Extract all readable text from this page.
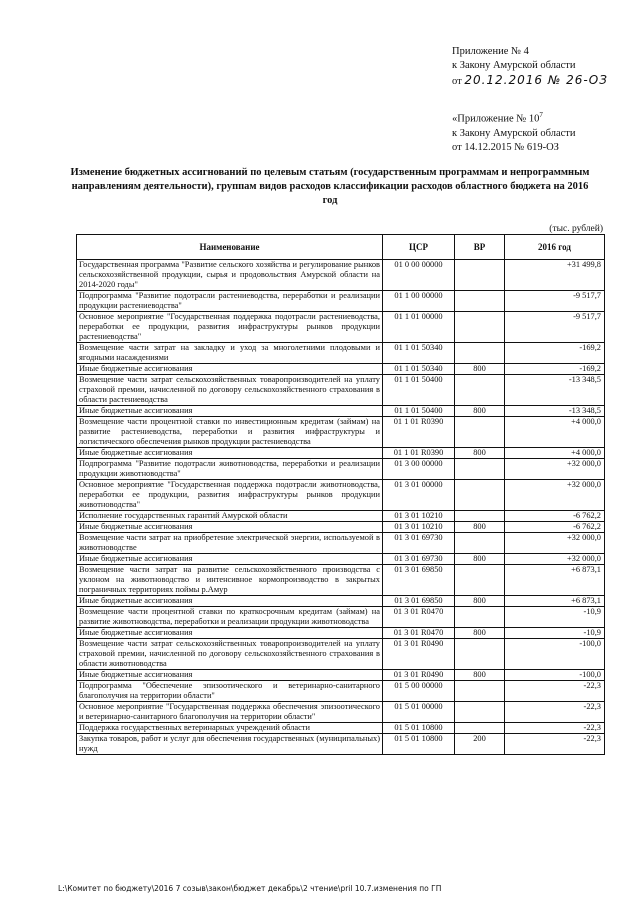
Приложение № 4
к Закону Амурской области
от 20.12.2016 № 26-ОЗ
«Приложение № $10^7$
к Закону Амурской области
от 14.12.2015 № 619-ОЗ
Изменение бюджетных ассигнований по целевым статьям (государственным программам и непрограммным направлениям деятельности), группам видов расходов классификации расходов областного бюджета на 2016 год
(тыс. рублей)
Наименование	ЦСР	ВР	2016 год
Государственная программа "Развитие сельского хозяйства и регулирование рынков сельскохозяйственной продукции, сырья и продовольствия Амурской области на 2014-2020 годы"	01 0 00 00000		+31 499,8
Подпрограмма "Развитие подотрасли растениеводства, переработки и реализации продукции растениеводства"	01 1 00 00000		-9 517,7
Основное мероприятие "Государственная поддержка подотрасли растениеводства, переработки ее продукции, развития инфраструктуры рынков продукции растениеводства"	01 1 01 00000		-9 517,7
Возмещение части затрат на закладку и уход за многолетними плодовыми и ягодными насаждениями	01 1 01 50340		-169,2
Иные бюджетные ассигнования	01 1 01 50340	800	-169,2
Возмещение части затрат сельскохозяйственных товаропроизводителей на уплату страховой премии, начисленной по договору сельскохозяйственного страхования в области растениеводства	01 1 01 50400		-13 348,5
Иные бюджетные ассигнования	01 1 01 50400	800	-13 348,5
Возмещение части процентной ставки по инвестиционным кредитам (займам) на развитие растениеводства, переработки и развития инфраструктуры и логистического обеспечения рынков продукции растениеводства	01 1 01 R0390		+4 000,0
Иные бюджетные ассигнования	01 1 01 R0390	800	+4 000,0
Подпрограмма "Развитие подотрасли животноводства, переработки и реализации продукции животноводства"	01 3 00 00000		+32 000,0
Основное мероприятие "Государственная поддержка подотрасли животноводства, переработки ее продукции, развития инфраструктуры рынков продукции животноводства"	01 3 01 00000		+32 000,0
Исполнение государственных гарантий Амурской области	01 3 01 10210		-6 762,2
Иные бюджетные ассигнования	01 3 01 10210	800	-6 762,2
Возмещение части затрат на приобретение электрической энергии, используемой в животноводстве	01 3 01 69730		+32 000,0
Иные бюджетные ассигнования	01 3 01 69730	800	+32 000,0
Возмещение части затрат на развитие сельскохозяйственного производства с уклоном на животноводство и интенсивное кормопроизводство в закрытых пограничных территориях поймы р.Амур	01 3 01 69850		+6 873,1
Иные бюджетные ассигнования	01 3 01 69850	800	+6 873,1
Возмещение части процентной ставки по краткосрочным кредитам (займам) на развитие животноводства, переработки и реализации продукции животноводства	01 3 01 R0470		-10,9
Иные бюджетные ассигнования	01 3 01 R0470	800	-10,9
Возмещение части затрат сельскохозяйственных товаропроизводителей на уплату страховой премии, начисленной по договору сельскохозяйственного страхования в области животноводства	01 3 01 R0490		-100,0
Иные бюджетные ассигнования	01 3 01 R0490	800	-100,0
Подпрограмма "Обеспечение эпизоотического и ветеринарно-санитарного благополучия на территории области"	01 5 00 00000		-22,3
Основное мероприятие "Государственная поддержка обеспечения эпизоотического и ветеринарно-санитарного благополучия на территории области"	01 5 01 00000		-22,3
Поддержка государственных ветеринарных учреждений области	01 5 01 10800		-22,3
Закупка товаров, работ и услуг для обеспечения государственных (муниципальных) нужд	01 5 01 10800	200	-22,3
L:\Комитет по бюджету\2016 7 созыв\закон\бюджет декабрь\2 чтение\pril 10.7.изменения по ГП
